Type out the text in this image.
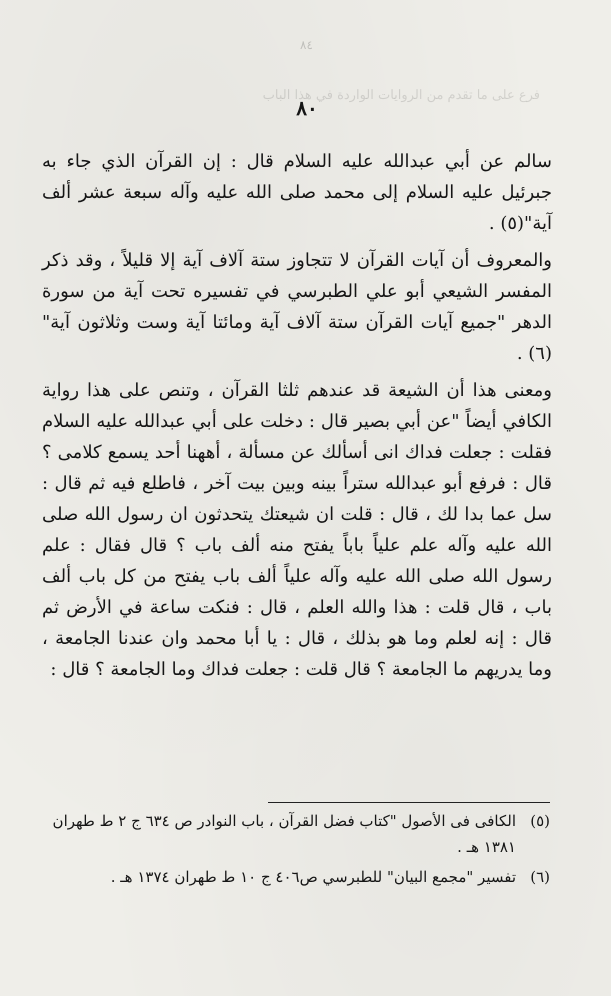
٨٤
فرع على ما تقدم من الروايات الواردة في هذا الباب
٨٠

سالم عن أبي عبدالله عليه السلام قال : إن القرآن الذي جاء به جبرئيل عليه السلام إلى محمد صلى الله عليه وآله سبعة عشر ألف آية"(٥) .

والمعروف أن آيات القرآن لا تتجاوز ستة آلاف آية إلا قليلاً ، وقد ذكر المفسر الشيعي أبو علي الطبرسي في تفسيره تحت آية من سورة الدهر "جميع آيات القرآن ستة آلاف آية ومائتا آية وست وثلاثون آية"(٦) .

ومعنى هذا أن الشيعة قد عندهم ثلثا القرآن ، وتنص على هذا رواية الكافي أيضاً "عن أبي بصير قال : دخلت على أبي عبدالله عليه السلام فقلت : جعلت فداك انى أسألك عن مسألة ، أههنا أحد يسمع كلامى ؟ قال : فرفع أبو عبدالله ستراً بينه وبين بيت آخر ، فاطلع فيه ثم قال : سل عما بدا لك ، قال : قلت ان شيعتك يتحدثون ان رسول الله صلى الله عليه وآله علم علياً باباً يفتح منه ألف باب ؟ قال فقال : علم رسول الله صلى الله عليه وآله علياً ألف باب يفتح من كل باب ألف باب ، قال قلت : هذا والله العلم ، قال : فنكت ساعة في الأرض ثم قال : إنه لعلم وما هو بذلك ، قال : يا أبا محمد وان عندنا الجامعة ، وما يدريهم ما الجامعة ؟ قال قلت : جعلت فداك وما الجامعة ؟ قال :

(٥)
الكافى فى الأصول "كتاب فضل القرآن ، باب النوادر ص ٦٣٤ ج ٢ ط طهران ١٣٨١ هـ .
(٦)
تفسير "مجمع البيان" للطبرسي ص٤٠٦ ج ١٠ ط طهران ١٣٧٤ هـ .
